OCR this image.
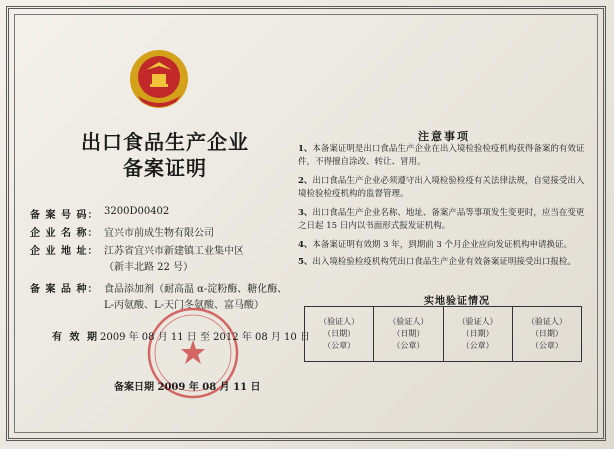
出口食品生产企业
备案证明
备 案 号 码： 3200D00402
企 业 名 称： 宜兴市前成生物有限公司
企 业 地 址： 江苏省宜兴市新建镇工业集中区
（新丰北路 22 号）
备 案 品 种： 食品添加剂（耐高温 α-淀粉酶、糖化酶、
L-丙氨酸、L-天门冬氨酸、富马酸）
有 效 期 2009 年 08 月 11 日 至 2012 年 08 月 10 日
备案日期 2009 年 08 月 11 日
注意事项
1、本备案证明是出口食品生产企业在出入境检验检疫机构获得备案的有效证件，不得擅自涂改、转让、冒用。
2、出口食品生产企业必须遵守出入境检验检疫有关法律法规，自觉接受出入境检验检疫机构的监督管理。
3、出口食品生产企业名称、地址、备案产品等事项发生变更时，应当在变更之日起 15 日内以书面形式报发证机构。
4、本备案证明有效期 3 年，到期前 3 个月企业应向发证机构申请换证。
5、出入境检验检疫机构凭出口食品生产企业有效备案证明接受出口报检。
实地验证情况
（验证人）
（日期）
（公章）
（验证人）
（日期）
（公章）
（验证人）
（日期）
（公章）
（验证人）
（日期）
（公章）
